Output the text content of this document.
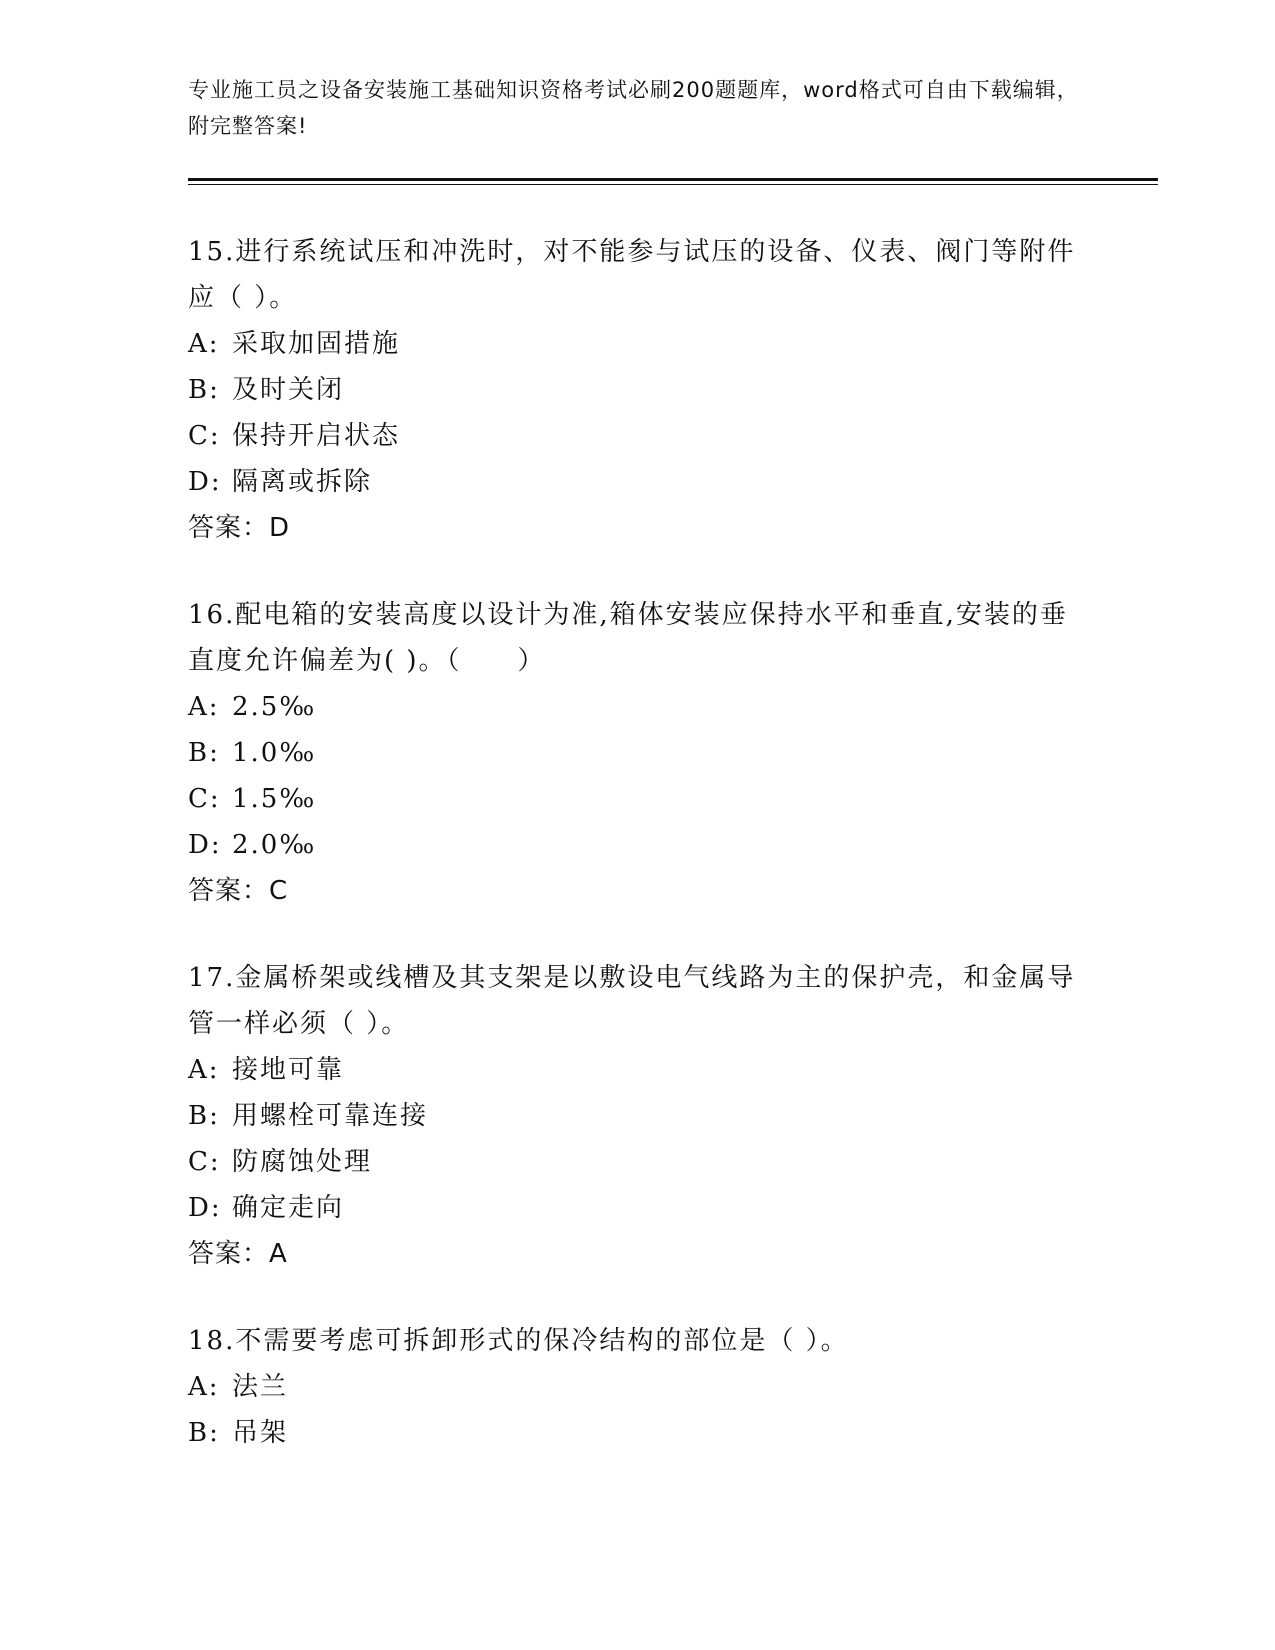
专业施工员之设备安装施工基础知识资格考试必刷200题题库，word格式可自由下载编辑，附完整答案!

15.进行系统试压和冲洗时，对不能参与试压的设备、仪表、阀门等附件应（ ）。

A: 采取加固措施

B: 及时关闭

C: 保持开启状态

D: 隔离或拆除

答案：D

16.配电箱的安装高度以设计为准,箱体安装应保持水平和垂直,安装的垂直度允许偏差为( )。（　　）

A: 2.5‰

B: 1.0‰

C: 1.5‰

D: 2.0‰

答案：C

17.金属桥架或线槽及其支架是以敷设电气线路为主的保护壳，和金属导管一样必须（ ）。

A: 接地可靠

B: 用螺栓可靠连接

C: 防腐蚀处理

D: 确定走向

答案：A

18.不需要考虑可拆卸形式的保冷结构的部位是（ ）。

A: 法兰

B: 吊架
